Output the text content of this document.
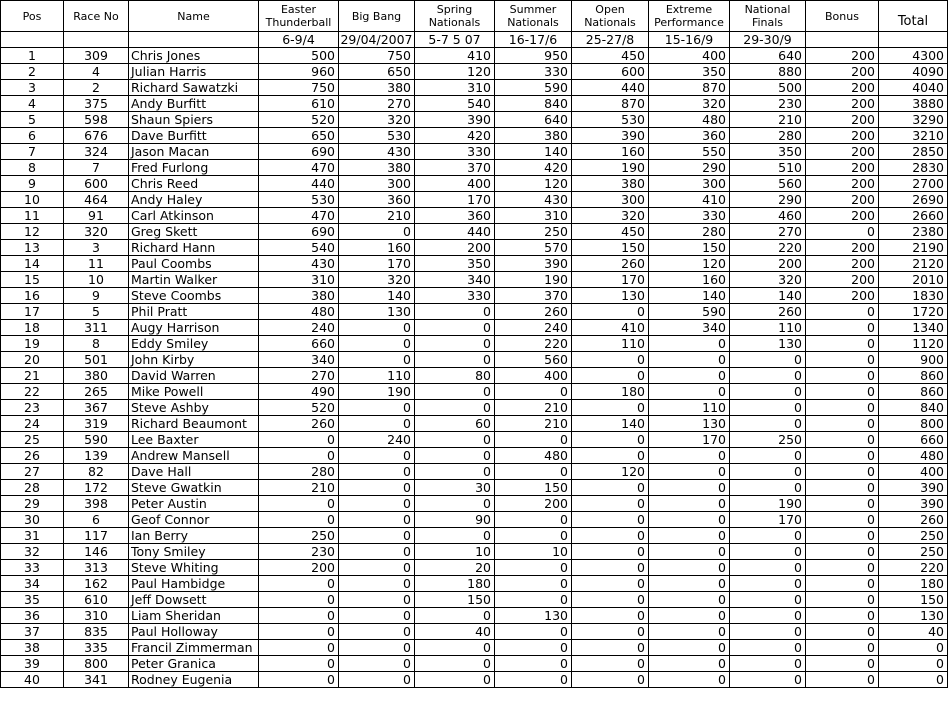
Pos	Race No	Name	Easter Thunderball	Big Bang	Spring Nationals	Summer Nationals	Open Nationals	Extreme Performance	National Finals	Bonus	Total
			6-9/4	29/04/2007	5-7 5 07	16-17/6	25-27/8	15-16/9	29-30/9		
1	309	Chris Jones	500	750	410	950	450	400	640	200	4300
2	4	Julian Harris	960	650	120	330	600	350	880	200	4090
3	2	Richard Sawatzki	750	380	310	590	440	870	500	200	4040
4	375	Andy Burfitt	610	270	540	840	870	320	230	200	3880
5	598	Shaun Spiers	520	320	390	640	530	480	210	200	3290
6	676	Dave Burfitt	650	530	420	380	390	360	280	200	3210
7	324	Jason Macan	690	430	330	140	160	550	350	200	2850
8	7	Fred Furlong	470	380	370	420	190	290	510	200	2830
9	600	Chris Reed	440	300	400	120	380	300	560	200	2700
10	464	Andy Haley	530	360	170	430	300	410	290	200	2690
11	91	Carl Atkinson	470	210	360	310	320	330	460	200	2660
12	320	Greg Skett	690	0	440	250	450	280	270	0	2380
13	3	Richard Hann	540	160	200	570	150	150	220	200	2190
14	11	Paul Coombs	430	170	350	390	260	120	200	200	2120
15	10	Martin Walker	310	320	340	190	170	160	320	200	2010
16	9	Steve Coombs	380	140	330	370	130	140	140	200	1830
17	5	Phil Pratt	480	130	0	260	0	590	260	0	1720
18	311	Augy Harrison	240	0	0	240	410	340	110	0	1340
19	8	Eddy Smiley	660	0	0	220	110	0	130	0	1120
20	501	John Kirby	340	0	0	560	0	0	0	0	900
21	380	David Warren	270	110	80	400	0	0	0	0	860
22	265	Mike Powell	490	190	0	0	180	0	0	0	860
23	367	Steve Ashby	520	0	0	210	0	110	0	0	840
24	319	Richard Beaumont	260	0	60	210	140	130	0	0	800
25	590	Lee Baxter	0	240	0	0	0	170	250	0	660
26	139	Andrew Mansell	0	0	0	480	0	0	0	0	480
27	82	Dave Hall	280	0	0	0	120	0	0	0	400
28	172	Steve Gwatkin	210	0	30	150	0	0	0	0	390
29	398	Peter Austin	0	0	0	200	0	0	190	0	390
30	6	Geof Connor	0	0	90	0	0	0	170	0	260
31	117	Ian Berry	250	0	0	0	0	0	0	0	250
32	146	Tony Smiley	230	0	10	10	0	0	0	0	250
33	313	Steve Whiting	200	0	20	0	0	0	0	0	220
34	162	Paul Hambidge	0	0	180	0	0	0	0	0	180
35	610	Jeff Dowsett	0	0	150	0	0	0	0	0	150
36	310	Liam Sheridan	0	0	0	130	0	0	0	0	130
37	835	Paul Holloway	0	0	40	0	0	0	0	0	40
38	335	Francil Zimmerman	0	0	0	0	0	0	0	0	0
39	800	Peter Granica	0	0	0	0	0	0	0	0	0
40	341	Rodney Eugenia	0	0	0	0	0	0	0	0	0
